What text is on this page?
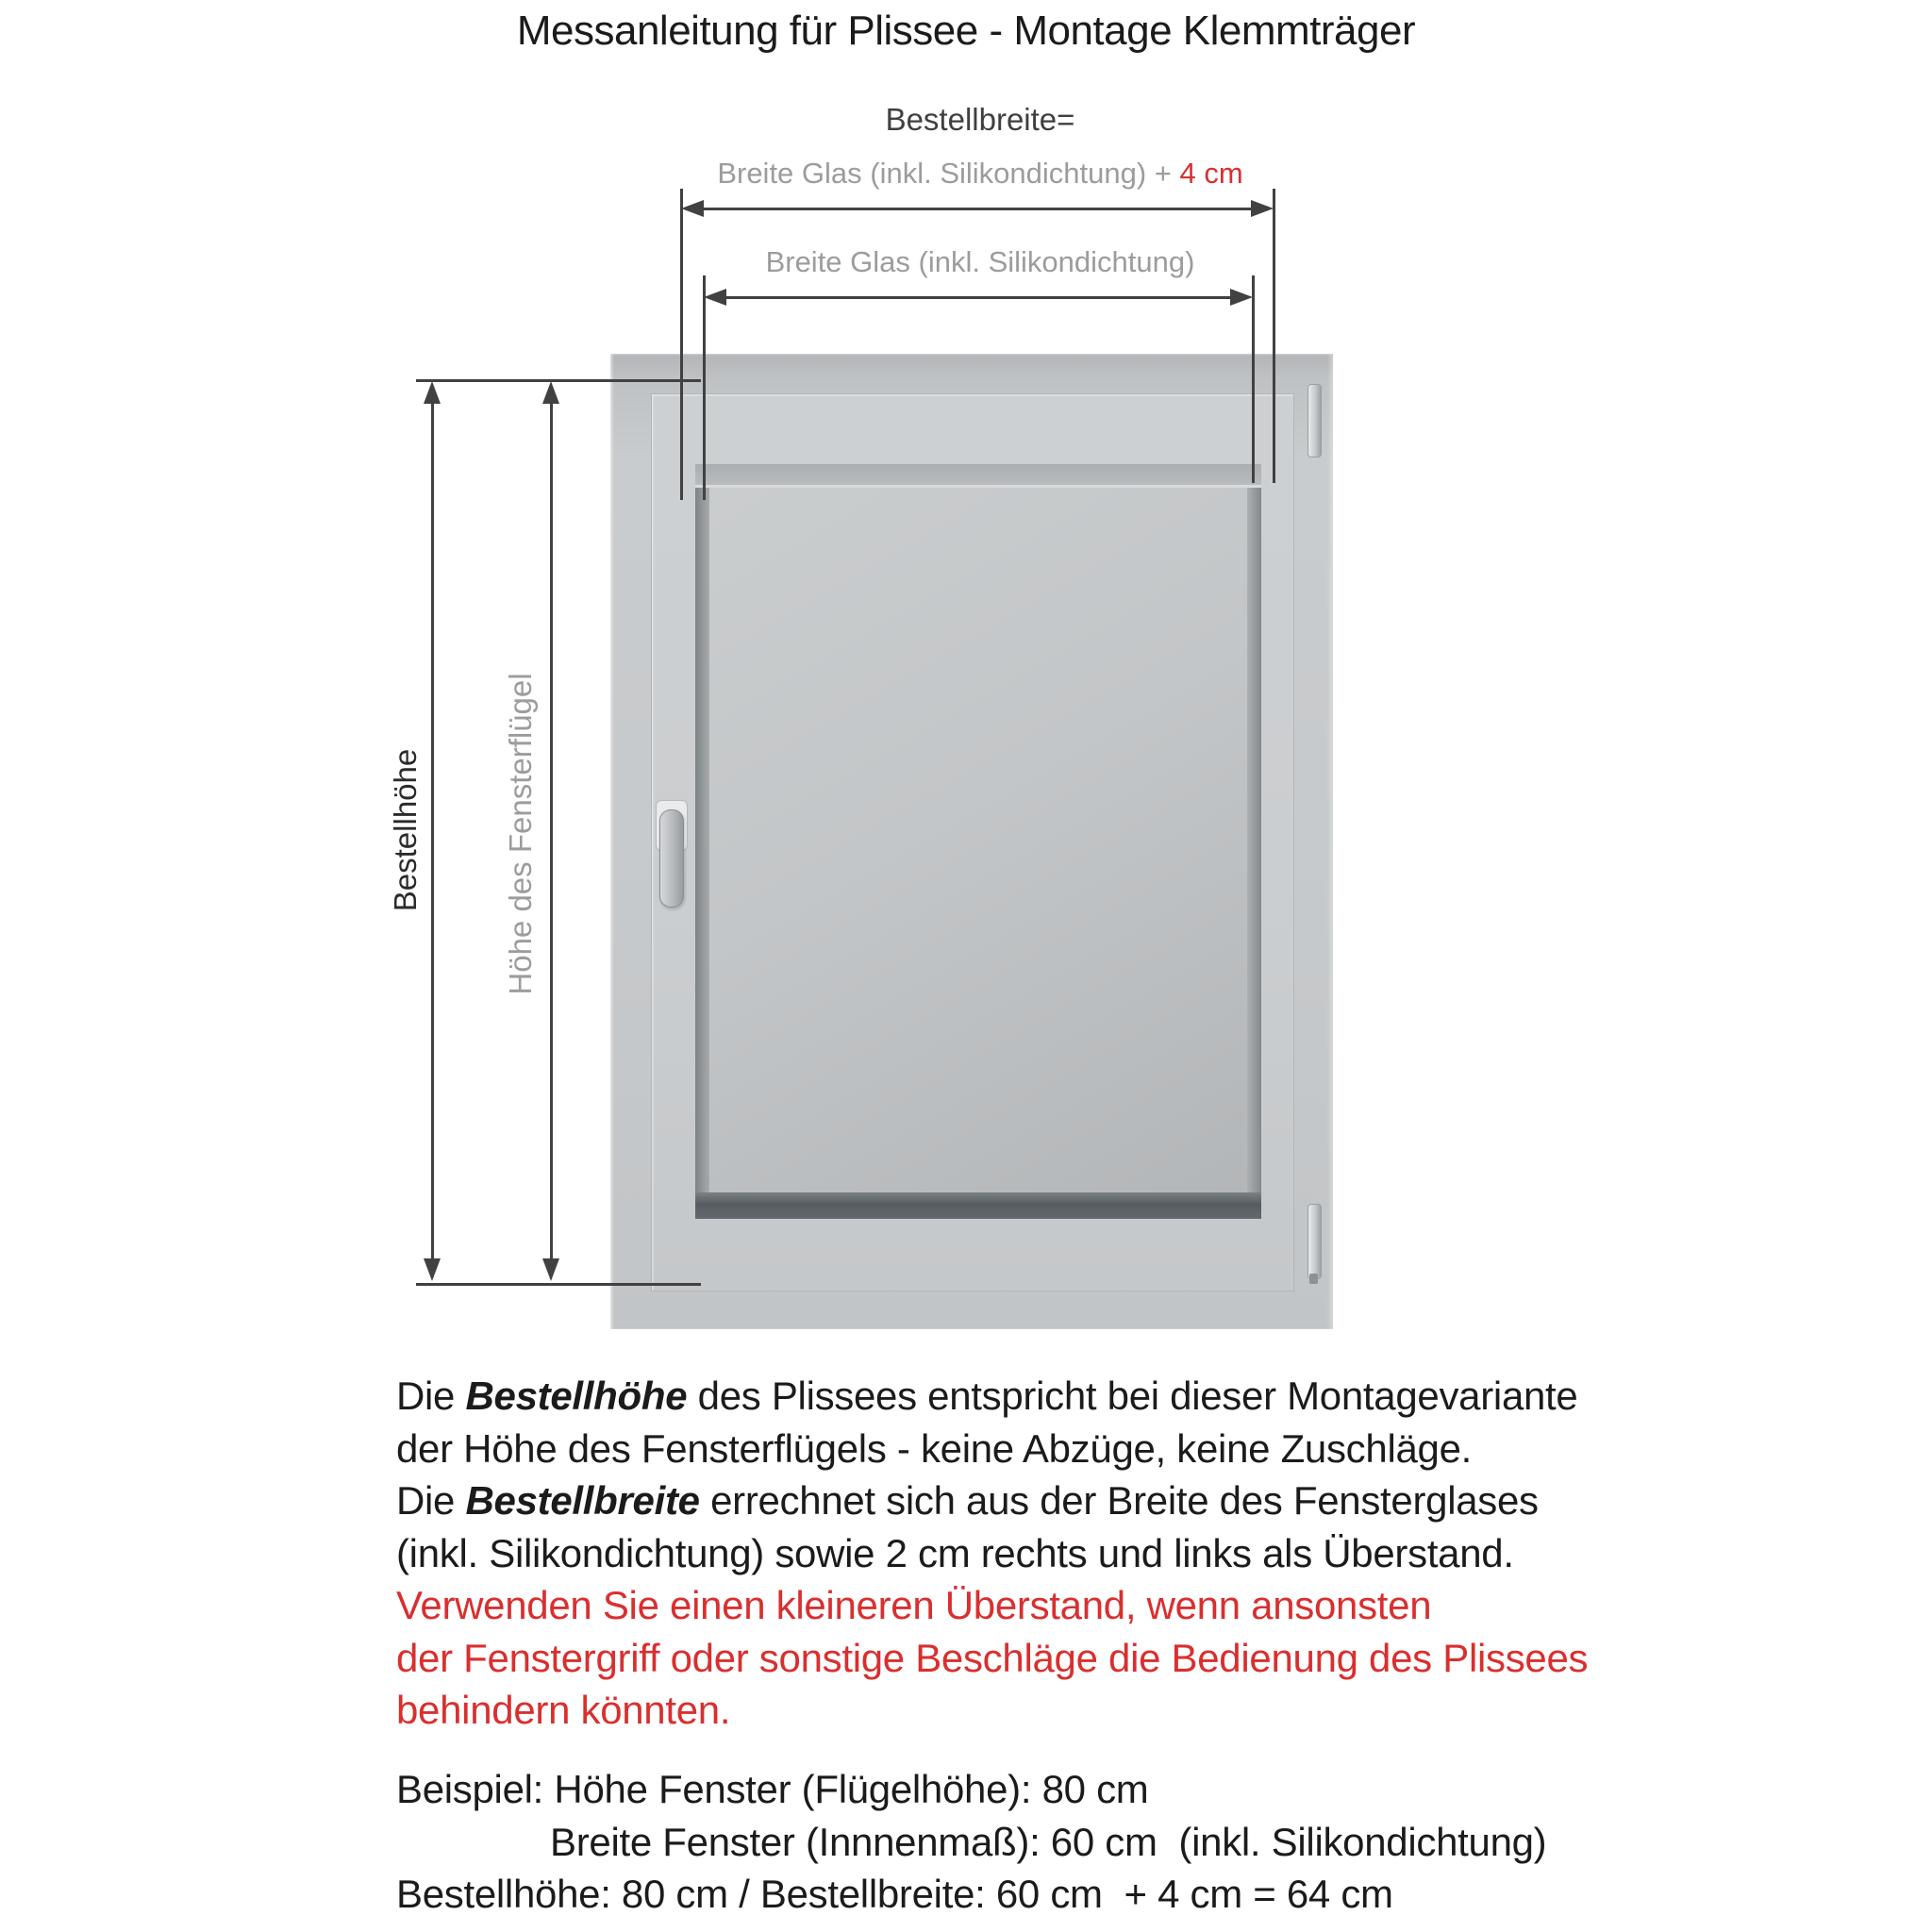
Messanleitung für Plissee - Montage Klemmträger
Bestellbreite=
Breite Glas (inkl. Silikondichtung) + 4 cm
Breite Glas (inkl. Silikondichtung)
Bestellhöhe	Höhe des Fensterflügel
Die Bestellhöhe des Plissees entspricht bei dieser Montagevariante
der Höhe des Fensterflügels - keine Abzüge, keine Zuschläge.
Die Bestellbreite errechnet sich aus der Breite des Fensterglases
(inkl. Silikondichtung) sowie 2 cm rechts und links als Überstand.
Verwenden Sie einen kleineren Überstand, wenn ansonsten
der Fenstergriff oder sonstige Beschläge die Bedienung des Plissees
behindern könnten.
Beispiel: Höhe Fenster (Flügelhöhe): 80 cm
Breite Fenster (Innnenmaß): 60 cm  (inkl. Silikondichtung)
Bestellhöhe: 80 cm / Bestellbreite: 60 cm  + 4 cm = 64 cm
